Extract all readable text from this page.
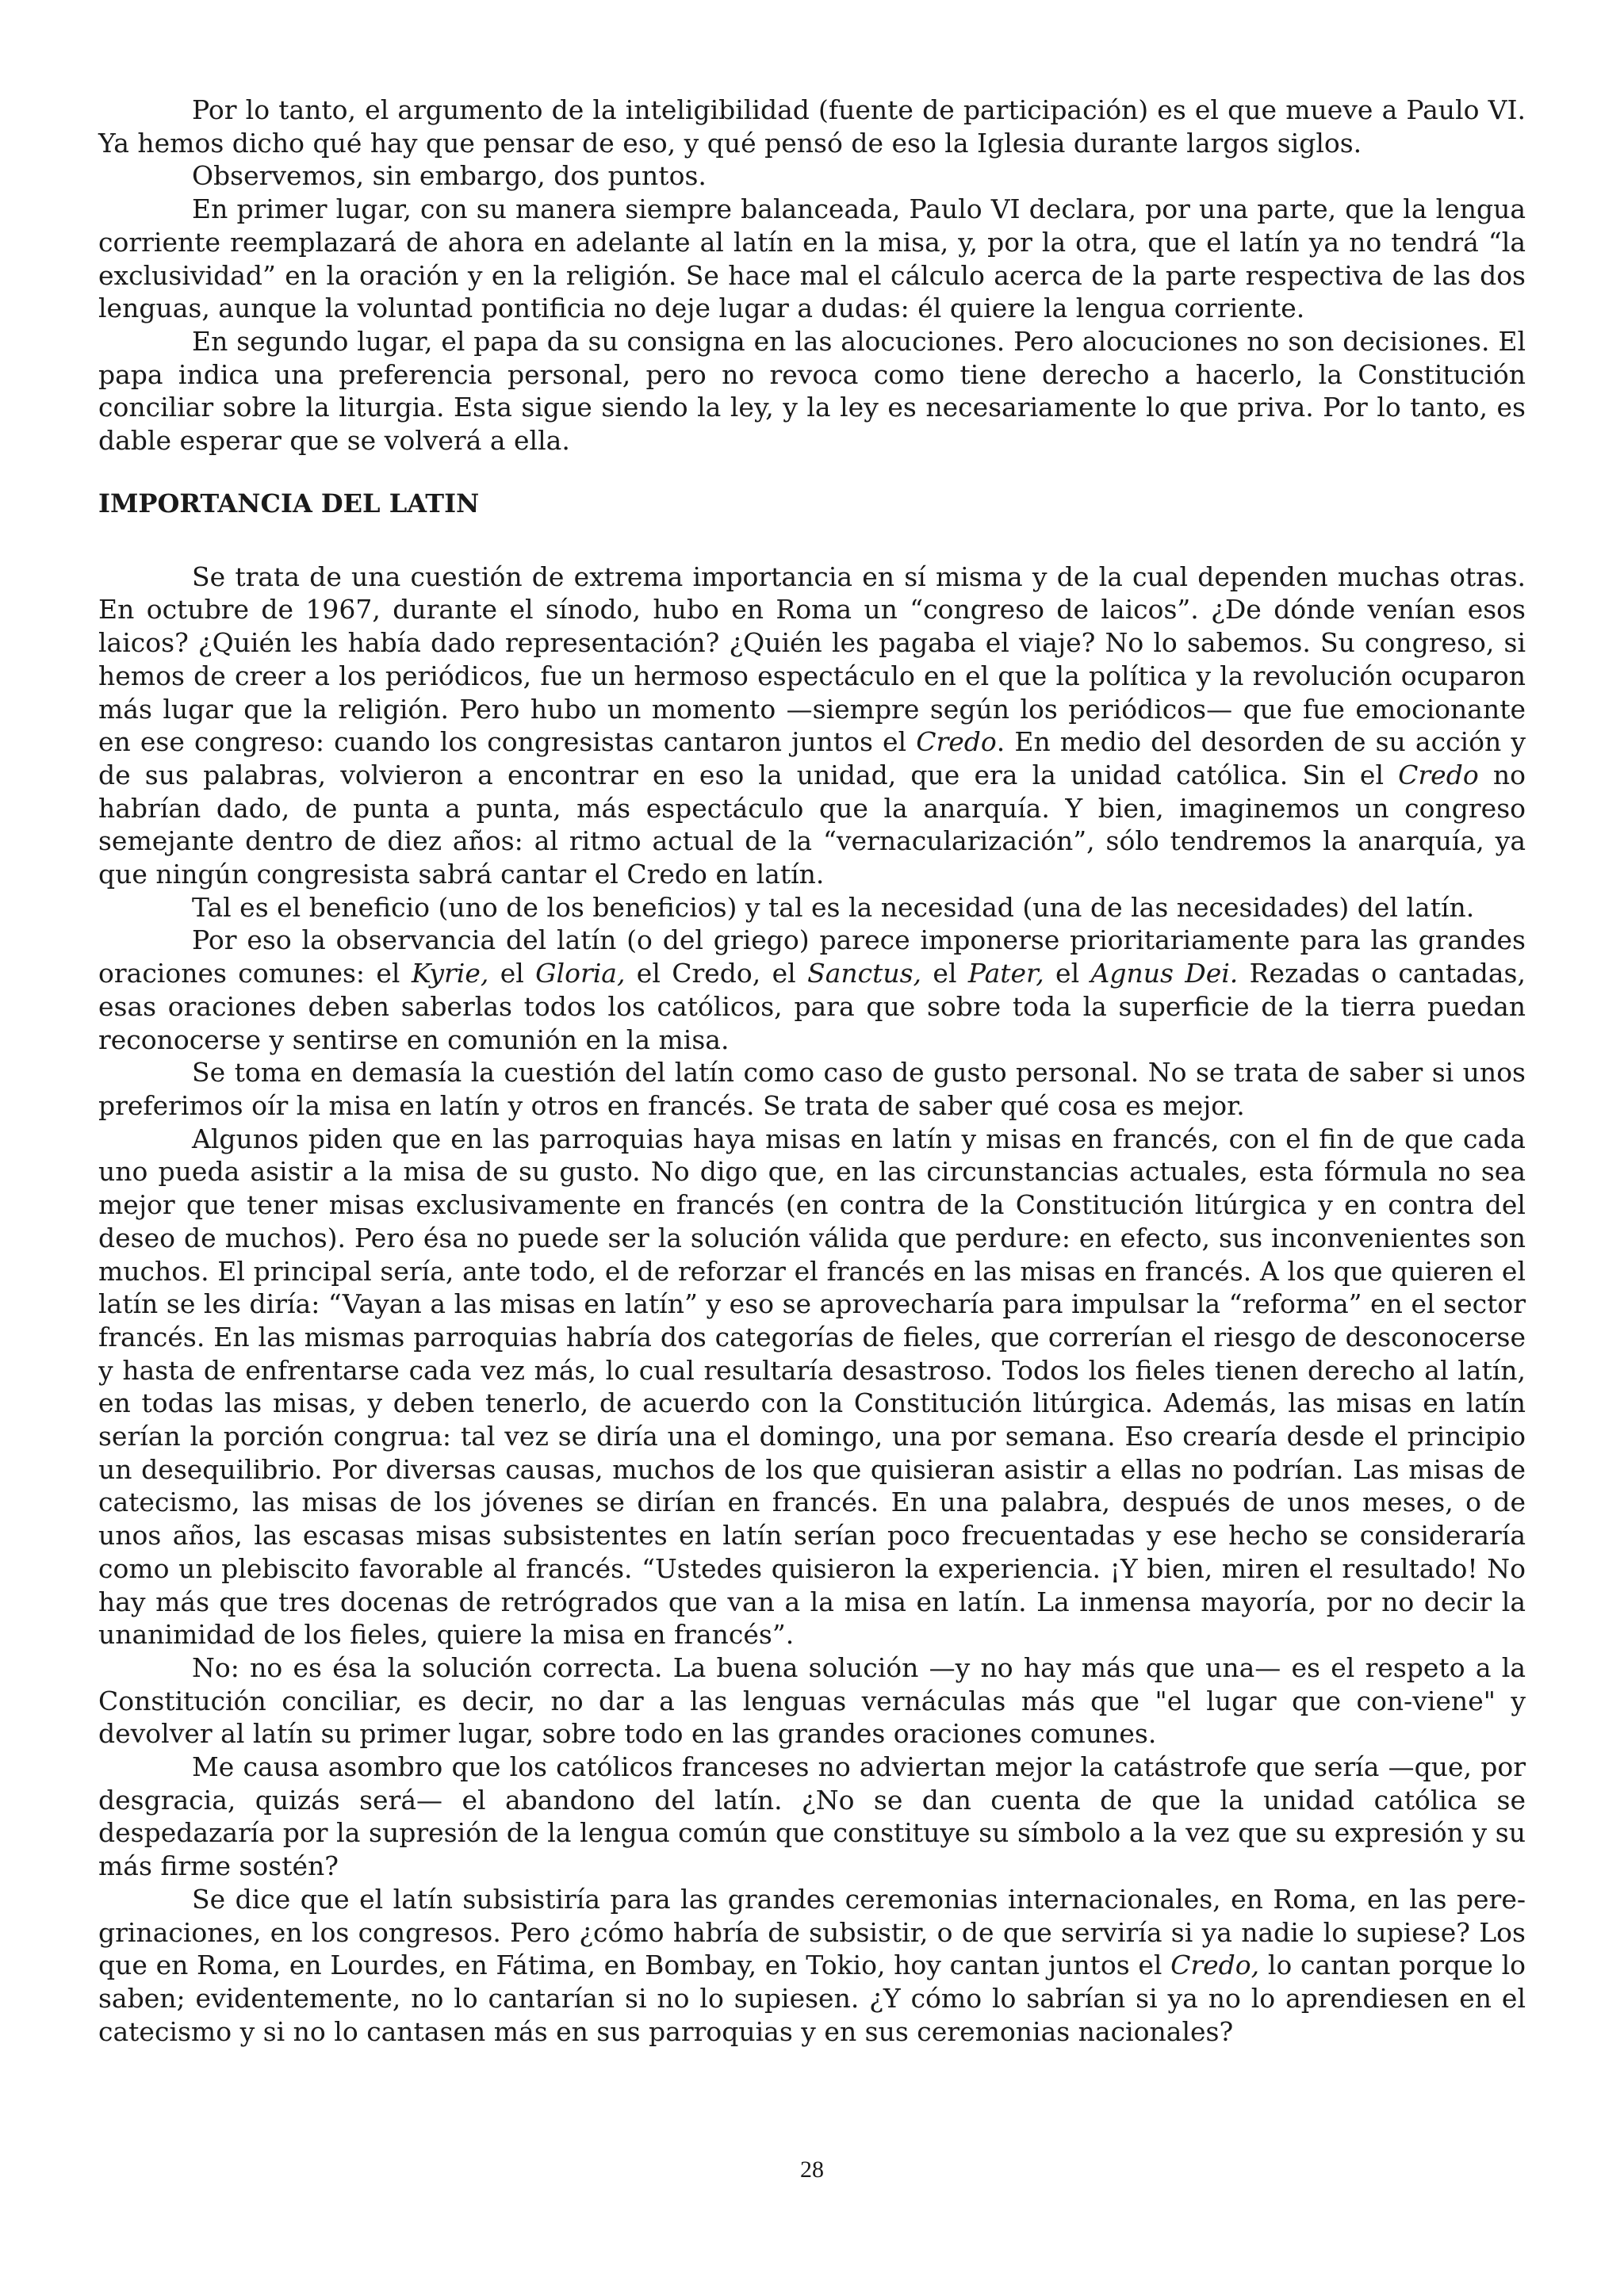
Por lo tanto, el argumento de la inteligibilidad (fuente de participación) es el que mueve a Paulo VI. Ya hemos dicho qué hay que pensar de eso, y qué pensó de eso la Iglesia durante largos siglos.

Observemos, sin embargo, dos puntos.

En primer lugar, con su manera siempre balanceada, Paulo VI declara, por una parte, que la lengua corriente reemplazará de ahora en adelante al latín en la misa, y, por la otra, que el latín ya no tendrá “la exclusividad” en la oración y en la religión. Se hace mal el cálculo acerca de la parte respectiva de las dos lenguas, aunque la voluntad pontificia no deje lugar a dudas: él quiere la lengua corriente.

En segundo lugar, el papa da su consigna en las alocuciones. Pero alocuciones no son decisiones. El papa indica una preferencia personal, pero no revoca como tiene derecho a hacerlo, la Constitución conciliar sobre la liturgia. Esta sigue siendo la ley, y la ley es necesariamente lo que priva. Por lo tanto, es dable esperar que se volverá a ella.

IMPORTANCIA DEL LATIN

Se trata de una cuestión de extrema importancia en sí misma y de la cual dependen muchas otras. En octubre de 1967, durante el sínodo, hubo en Roma un “congreso de laicos”. ¿De dónde venían esos laicos? ¿Quién les había dado representación? ¿Quién les pagaba el viaje? No lo sabemos. Su congreso, si hemos de creer a los periódicos, fue un hermoso espectáculo en el que la política y la revolución ocuparon más lugar que la religión. Pero hubo un momento —siempre según los periódicos— que fue emocionante en ese congreso: cuando los congresistas cantaron juntos el Credo. En medio del desorden de su acción y de sus palabras, volvieron a encontrar en eso la unidad, que era la unidad católica. Sin el Credo no habrían dado, de punta a punta, más espectáculo que la anarquía. Y bien, imaginemos un congreso semejante dentro de diez años: al ritmo actual de la “vernacularización”, sólo tendremos la anarquía, ya que ningún congresista sabrá cantar el Credo en latín.

Tal es el beneficio (uno de los beneficios) y tal es la necesidad (una de las necesidades) del latín.

Por eso la observancia del latín (o del griego) parece imponerse prioritariamente para las grandes oraciones comunes: el Kyrie, el Gloria, el Credo, el Sanctus, el Pater, el Agnus Dei. Rezadas o cantadas, esas oraciones deben saberlas todos los católicos, para que sobre toda la superficie de la tierra puedan reconocerse y sentirse en comunión en la misa.

Se toma en demasía la cuestión del latín como caso de gusto personal. No se trata de saber si unos preferimos oír la misa en latín y otros en francés. Se trata de saber qué cosa es mejor.

Algunos piden que en las parroquias haya misas en latín y misas en francés, con el fin de que cada uno pueda asistir a la misa de su gusto. No digo que, en las circunstancias actuales, esta fórmula no sea mejor que tener misas exclusivamente en francés (en contra de la Constitución litúrgica y en contra del deseo de muchos). Pero ésa no puede ser la solución válida que perdure: en efecto, sus inconvenientes son muchos. El principal sería, ante todo, el de reforzar el francés en las misas en francés. A los que quieren el latín se les diría: “Vayan a las misas en latín” y eso se aprovecharía para impulsar la “reforma” en el sector francés. En las mismas parroquias habría dos categorías de fieles, que correrían el riesgo de desconocerse y hasta de enfrentarse cada vez más, lo cual resultaría desastroso. Todos los fieles tienen derecho al latín, en todas las misas, y deben tenerlo, de acuerdo con la Constitución litúrgica. Además, las misas en latín serían la porción congrua: tal vez se diría una el domingo, una por semana. Eso crearía desde el principio un desequilibrio. Por diversas causas, muchos de los que quisieran asistir a ellas no podrían. Las misas de catecismo, las misas de los jóvenes se dirían en francés. En una palabra, después de unos meses, o de unos años, las escasas misas subsistentes en latín serían poco frecuentadas y ese hecho se consideraría como un plebiscito favorable al francés. “Ustedes quisieron la experiencia. ¡Y bien, miren el resultado! No hay más que tres docenas de retrógrados que van a la misa en latín. La inmensa mayoría, por no decir la unanimidad de los fieles, quiere la misa en francés”.

No: no es ésa la solución correcta. La buena solución —y no hay más que una— es el respeto a la Constitución conciliar, es decir, no dar a las lenguas vernáculas más que "el lugar que con-viene" y devolver al latín su primer lugar, sobre todo en las grandes oraciones comunes.

Me causa asombro que los católicos franceses no adviertan mejor la catástrofe que sería —que, por desgracia, quizás será— el abandono del latín. ¿No se dan cuenta de que la unidad católica se despedazaría por la supresión de la lengua común que constituye su símbolo a la vez que su expresión y su más firme sostén?

Se dice que el latín subsistiría para las grandes ceremonias internacionales, en Roma, en las pere-grinaciones, en los congresos. Pero ¿cómo habría de subsistir, o de que serviría si ya nadie lo supiese? Los que en Roma, en Lourdes, en Fátima, en Bombay, en Tokio, hoy cantan juntos el Credo, lo cantan porque lo saben; evidentemente, no lo cantarían si no lo supiesen. ¿Y cómo lo sabrían si ya no lo aprendiesen en el catecismo y si no lo cantasen más en sus parroquias y en sus ceremonias nacionales?

28
